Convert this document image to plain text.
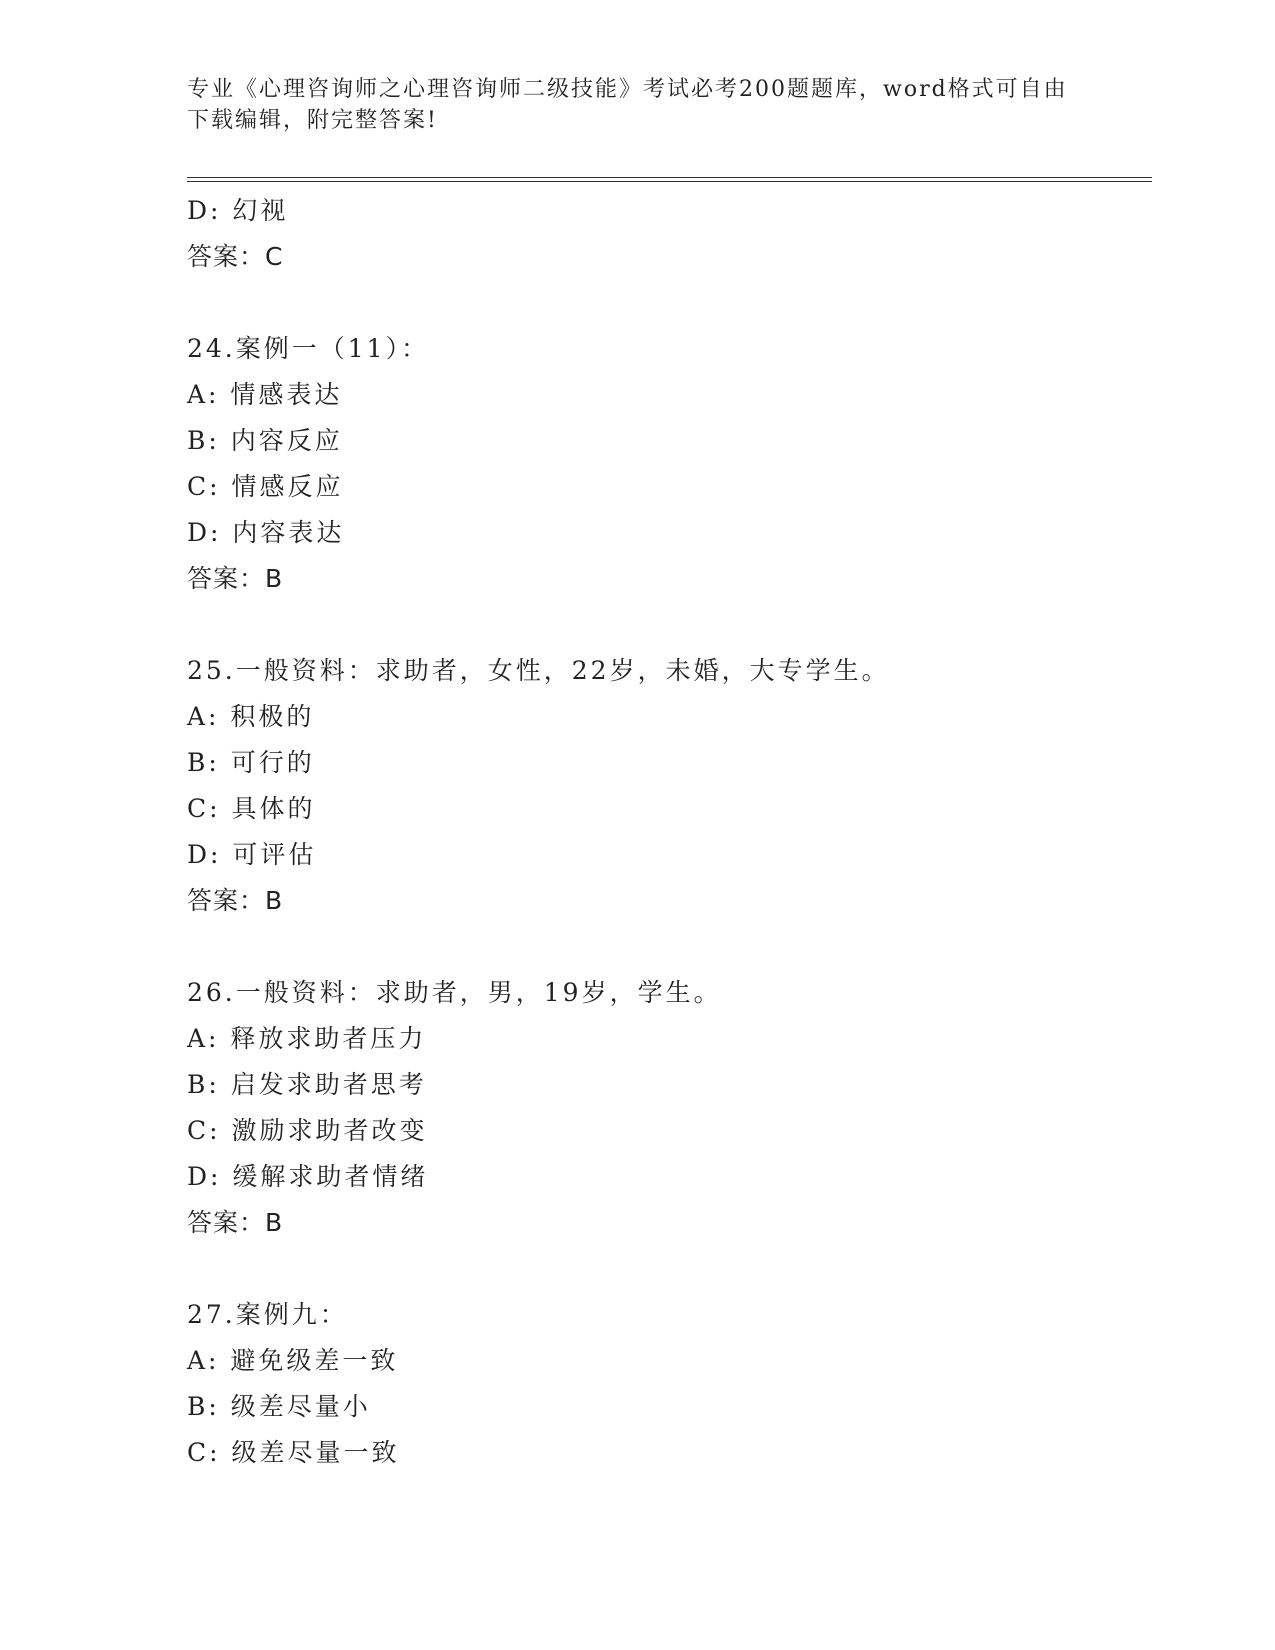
专业《心理咨询师之心理咨询师二级技能》考试必考200题题库，word格式可自由下载编辑，附完整答案!
D: 幻视
答案：C
24.案例一（11）：
A: 情感表达
B: 内容反应
C: 情感反应
D: 内容表达
答案：B
25.一般资料：求助者，女性，22岁，未婚，大专学生。
A: 积极的
B: 可行的
C: 具体的
D: 可评估
答案：B
26.一般资料：求助者，男，19岁，学生。
A: 释放求助者压力
B: 启发求助者思考
C: 激励求助者改变
D: 缓解求助者情绪
答案：B
27.案例九：
A: 避免级差一致
B: 级差尽量小
C: 级差尽量一致
